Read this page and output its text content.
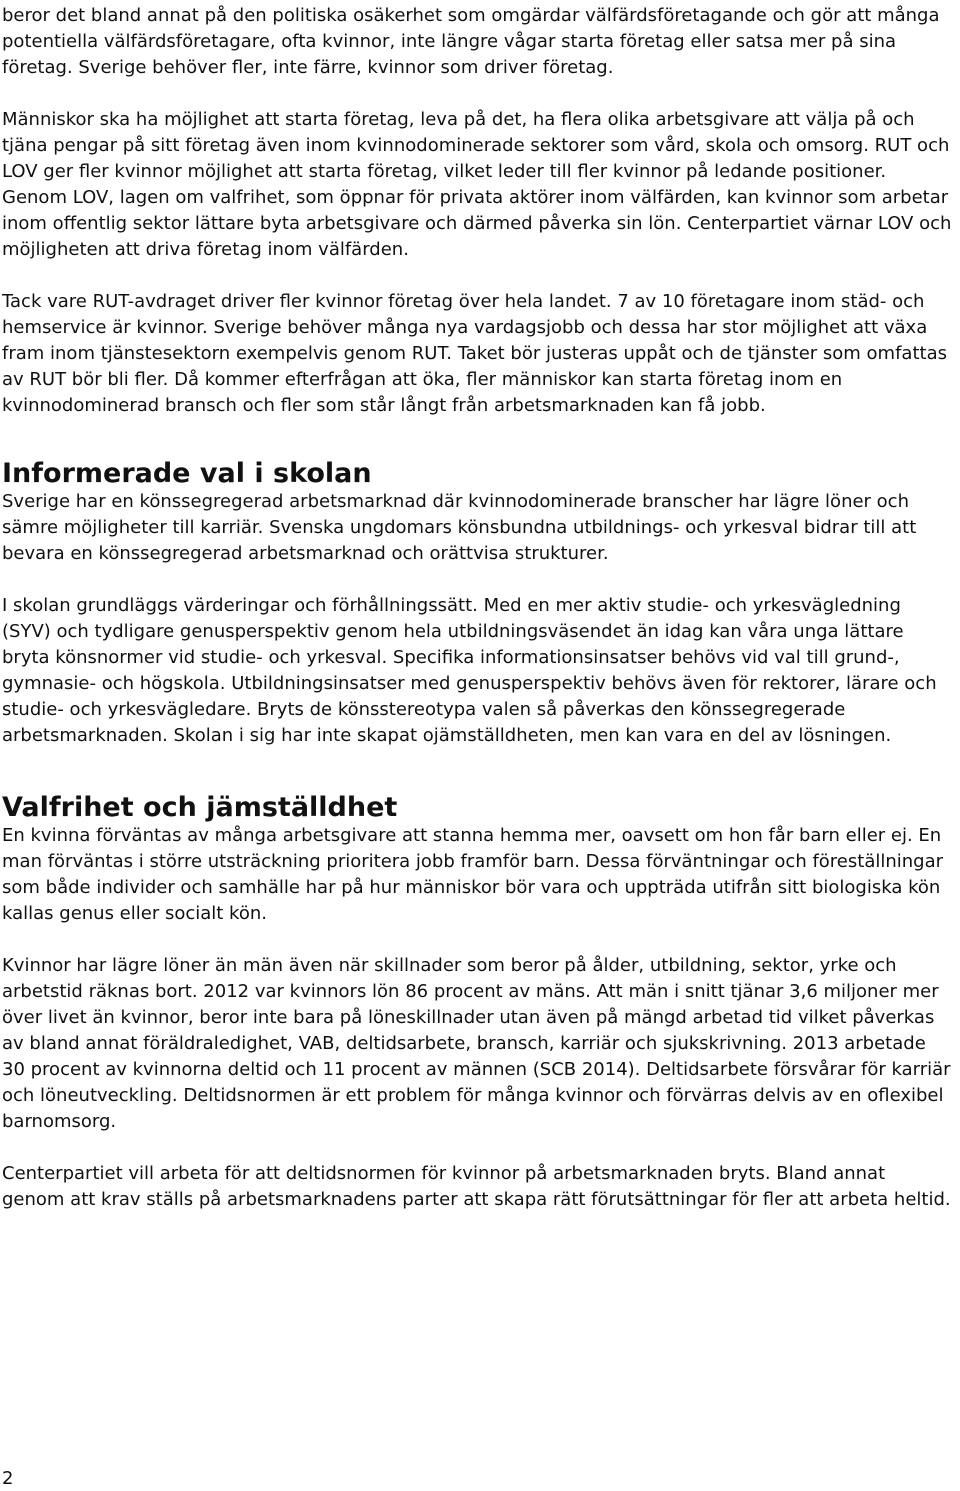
beror det bland annat på den politiska osäkerhet som omgärdar välfärdsföretagande och gör att många potentiella välfärdsföretagare, ofta kvinnor, inte längre vågar starta företag eller satsa mer på sina företag. Sverige behöver fler, inte färre, kvinnor som driver företag.

Människor ska ha möjlighet att starta företag, leva på det, ha flera olika arbetsgivare att välja på och tjäna pengar på sitt företag även inom kvinnodominerade sektorer som vård, skola och omsorg. RUT och LOV ger fler kvinnor möjlighet att starta företag, vilket leder till fler kvinnor på ledande positioner. Genom LOV, lagen om valfrihet, som öppnar för privata aktörer inom välfärden, kan kvinnor som arbetar inom offentlig sektor lättare byta arbetsgivare och därmed påverka sin lön. Centerpartiet värnar LOV och möjligheten att driva företag inom välfärden.

Tack vare RUT-avdraget driver fler kvinnor företag över hela landet. 7 av 10 företagare inom städ- och hemservice är kvinnor. Sverige behöver många nya vardagsjobb och dessa har stor möjlighet att växa fram inom tjänstesektorn exempelvis genom RUT. Taket bör justeras uppåt och de tjänster som omfattas av RUT bör bli fler. Då kommer efterfrågan att öka, fler människor kan starta företag inom en kvinnodominerad bransch och fler som står långt från arbetsmarknaden kan få jobb.

Informerade val i skolan

Sverige har en könssegregerad arbetsmarknad där kvinnodominerade branscher har lägre löner och sämre möjligheter till karriär. Svenska ungdomars könsbundna utbildnings- och yrkesval bidrar till att bevara en könssegregerad arbetsmarknad och orättvisa strukturer.

I skolan grundläggs värderingar och förhållningssätt. Med en mer aktiv studie- och yrkesvägledning (SYV) och tydligare genusperspektiv genom hela utbildningsväsendet än idag kan våra unga lättare bryta könsnormer vid studie- och yrkesval. Specifika informationsinsatser behövs vid val till grund-, gymnasie- och högskola. Utbildningsinsatser med genusperspektiv behövs även för rektorer, lärare och studie- och yrkesvägledare. Bryts de könsstereotypa valen så påverkas den könssegregerade arbetsmarknaden. Skolan i sig har inte skapat ojämställdheten, men kan vara en del av lösningen.

Valfrihet och jämställdhet

En kvinna förväntas av många arbetsgivare att stanna hemma mer, oavsett om hon får barn eller ej. En man förväntas i större utsträckning prioritera jobb framför barn. Dessa förväntningar och föreställningar som både individer och samhälle har på hur människor bör vara och uppträda utifrån sitt biologiska kön kallas genus eller socialt kön.

Kvinnor har lägre löner än män även när skillnader som beror på ålder, utbildning, sektor, yrke och arbetstid räknas bort. 2012 var kvinnors lön 86 procent av mäns. Att män i snitt tjänar 3,6 miljoner mer över livet än kvinnor, beror inte bara på löneskillnader utan även på mängd arbetad tid vilket påverkas av bland annat föräldraledighet, VAB, deltidsarbete, bransch, karriär och sjukskrivning. 2013 arbetade 30 procent av kvinnorna deltid och 11 procent av männen (SCB 2014). Deltidsarbete försvårar för karriär och löneutveckling. Deltidsnormen är ett problem för många kvinnor och förvärras delvis av en oflexibel barnomsorg.

Centerpartiet vill arbeta för att deltidsnormen för kvinnor på arbetsmarknaden bryts. Bland annat genom att krav ställs på arbetsmarknadens parter att skapa rätt förutsättningar för fler att arbeta heltid.

2
